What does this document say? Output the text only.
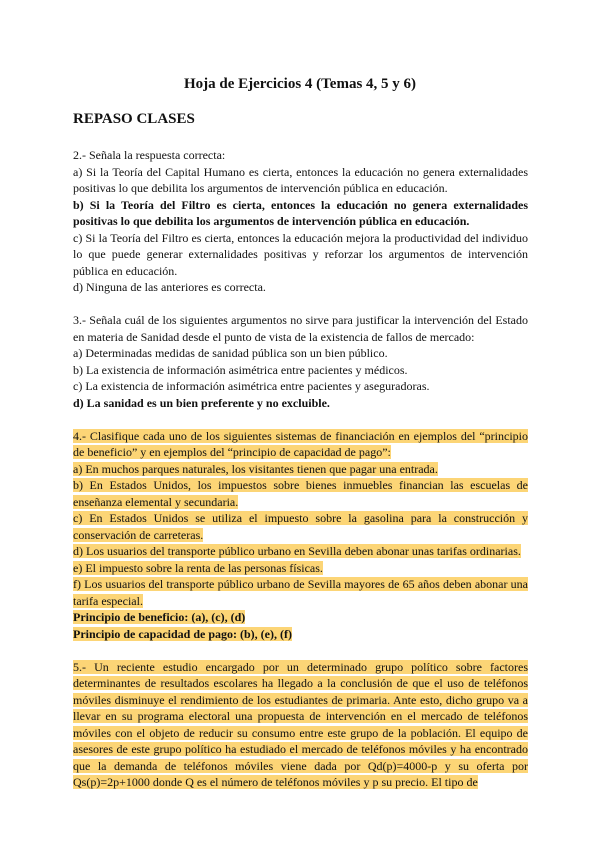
Hoja de Ejercicios 4 (Temas 4, 5 y 6)
REPASO CLASES

2.- Señala la respuesta correcta:

a) Si la Teoría del Capital Humano es cierta, entonces la educación no genera externalidades positivas lo que debilita los argumentos de intervención pública en educación.

b) Si la Teoría del Filtro es cierta, entonces la educación no genera externalidades positivas lo que debilita los argumentos de intervención pública en educación.

c) Si la Teoría del Filtro es cierta, entonces la educación mejora la productividad del individuo lo que puede generar externalidades positivas y reforzar los argumentos de intervención pública en educación.

d) Ninguna de las anteriores es correcta.

3.- Señala cuál de los siguientes argumentos no sirve para justificar la intervención del Estado en materia de Sanidad desde el punto de vista de la existencia de fallos de mercado:

a) Determinadas medidas de sanidad pública son un bien público.

b) La existencia de información asimétrica entre pacientes y médicos.

c) La existencia de información asimétrica entre pacientes y aseguradoras.

d) La sanidad es un bien preferente y no excluible.

4.- Clasifique cada uno de los siguientes sistemas de financiación en ejemplos del “principio de beneficio” y en ejemplos del “principio de capacidad de pago”:

a) En muchos parques naturales, los visitantes tienen que pagar una entrada.

b) En Estados Unidos, los impuestos sobre bienes inmuebles financian las escuelas de enseñanza elemental y secundaria.

c) En Estados Unidos se utiliza el impuesto sobre la gasolina para la construcción y conservación de carreteras.

d) Los usuarios del transporte público urbano en Sevilla deben abonar unas tarifas ordinarias.

e) El impuesto sobre la renta de las personas físicas.

f) Los usuarios del transporte público urbano de Sevilla mayores de 65 años deben abonar una tarifa especial.

Principio de beneficio: (a), (c), (d)

Principio de capacidad de pago: (b), (e), (f)

5.- Un reciente estudio encargado por un determinado grupo político sobre factores determinantes de resultados escolares ha llegado a la conclusión de que el uso de teléfonos móviles disminuye el rendimiento de los estudiantes de primaria. Ante esto, dicho grupo va a llevar en su programa electoral una propuesta de intervención en el mercado de teléfonos móviles con el objeto de reducir su consumo entre este grupo de la población. El equipo de asesores de este grupo político ha estudiado el mercado de teléfonos móviles y ha encontrado que la demanda de teléfonos móviles viene dada por Qd(p)=4000-p y su oferta por Qs(p)=2p+1000 donde Q es el número de teléfonos móviles y p su precio. El tipo de
